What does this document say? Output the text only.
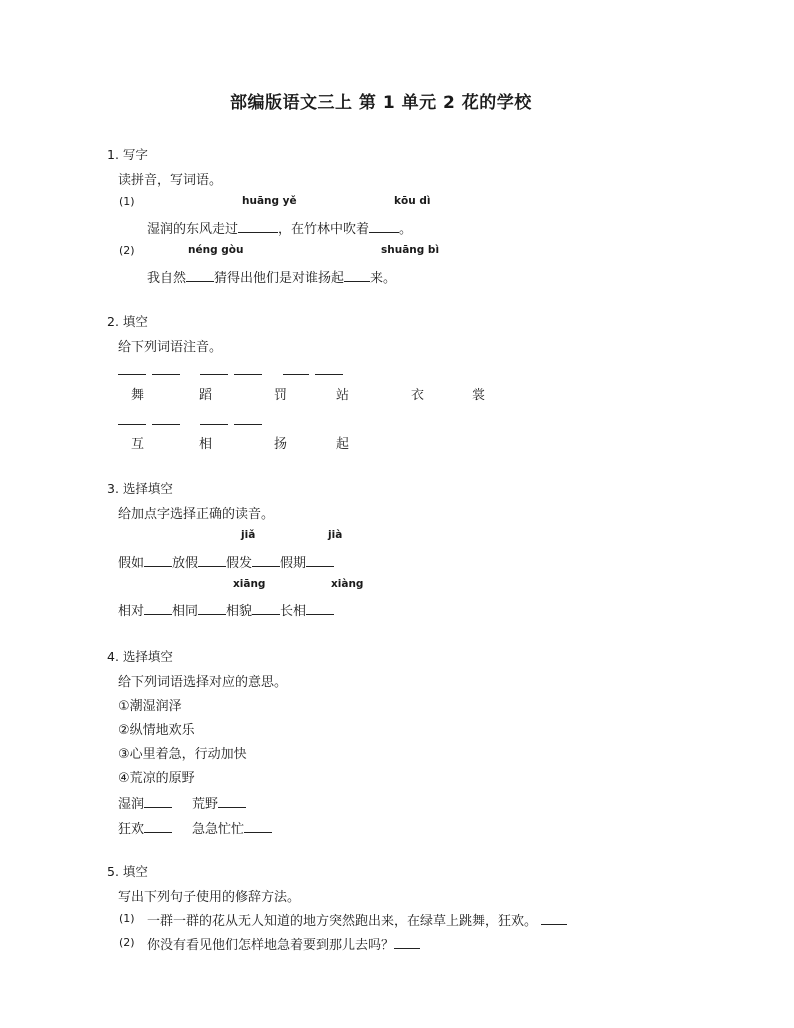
部编版语文三上 第 1 单元 2 花的学校
1. 写字
读拼音，写词语。
(1)	huāng yě	kōu dì
湿润的东风走过	，在竹林中吹着 。
(2)	néng gòu	shuāng bì
我自然 猜得出他们是对谁扬起 来。
2. 填空
给下列词语注音。
舞	蹈	罚	站	衣	裳
互	相	扬	起
3. 选择填空
给加点字选择正确的读音。
jiǎ	jià
假如 放假 假发 假期
xiāng	xiàng
相对 相同 相貌 长相
4. 选择填空
给下列词语选择对应的意思。
①潮湿润泽
②纵情地欢乐
③心里着急，行动加快
④荒凉的原野
湿润	荒野
狂欢	急急忙忙
5. 填空
写出下列句子使用的修辞方法。
(1) 一群一群的花从无人知道的地方突然跑出来，在绿草上跳舞，狂欢。
(2) 你没有看见他们怎样地急着要到那儿去吗？
